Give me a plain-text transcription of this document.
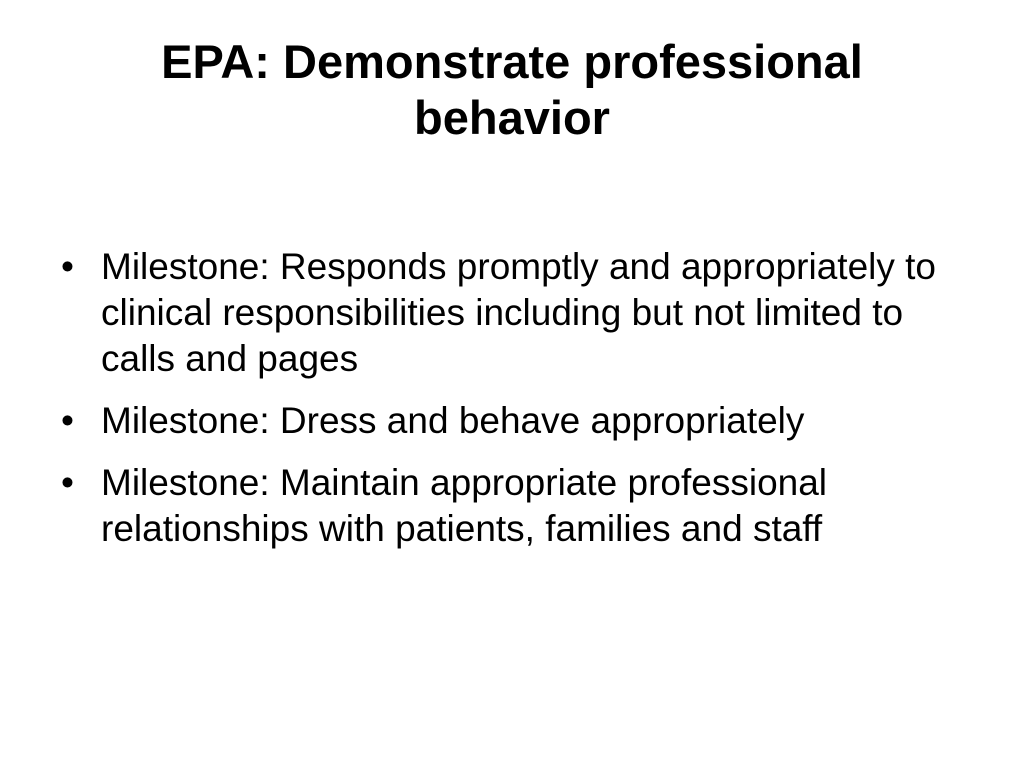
EPA: Demonstrate professional behavior
• Milestone: Responds promptly and appropriately to clinical responsibilities including but not limited to calls and pages
• Milestone: Dress and behave appropriately
• Milestone: Maintain appropriate professional relationships with patients, families and staff
